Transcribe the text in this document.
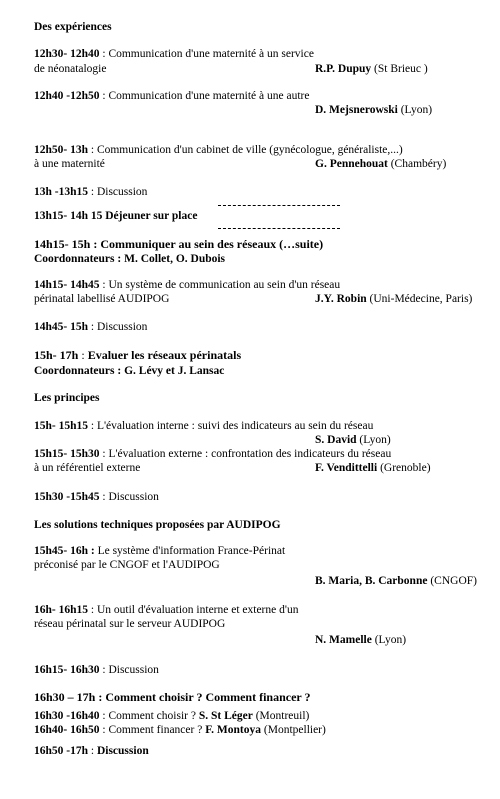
Des expériences
12h30- 12h40 : Communication d'une maternité à un service
de néonatalogie	R.P. Dupuy (St Brieuc )
12h40 -12h50 : Communication d'une maternité à une autre
D. Mejsnerowski (Lyon)
12h50- 13h : Communication d'un cabinet de ville (gynécologue, généraliste,...)
à une maternité	G. Pennehouat (Chambéry)
13h -13h15 : Discussion
13h15- 14h 15 Déjeuner sur place
14h15- 15h : Communiquer au sein des réseaux (…suite)
Coordonnateurs : M. Collet, O. Dubois
14h15- 14h45 : Un système de communication au sein d'un réseau
périnatal labellisé AUDIPOG	J.Y. Robin (Uni-Médecine, Paris)
14h45- 15h : Discussion
15h- 17h : Evaluer les réseaux périnatals
Coordonnateurs : G. Lévy et J. Lansac
Les principes
15h- 15h15 : L'évaluation interne : suivi des indicateurs au sein du réseau
S. David (Lyon)
15h15- 15h30 : L'évaluation externe : confrontation des indicateurs du réseau
à un référentiel externe	F. Vendittelli (Grenoble)
15h30 -15h45 : Discussion
Les solutions techniques proposées par AUDIPOG
15h45- 16h : Le système d'information France-Périnat
préconisé par le CNGOF et l'AUDIPOG
B. Maria, B. Carbonne (CNGOF)
16h- 16h15 : Un outil d'évaluation interne et externe d'un
réseau périnatal sur le serveur AUDIPOG
N. Mamelle (Lyon)
16h15- 16h30 : Discussion
16h30 – 17h : Comment choisir ? Comment financer ?
16h30 -16h40 : Comment choisir ? S. St Léger (Montreuil)
16h40- 16h50 : Comment financer ? F. Montoya (Montpellier)
16h50 -17h : Discussion
